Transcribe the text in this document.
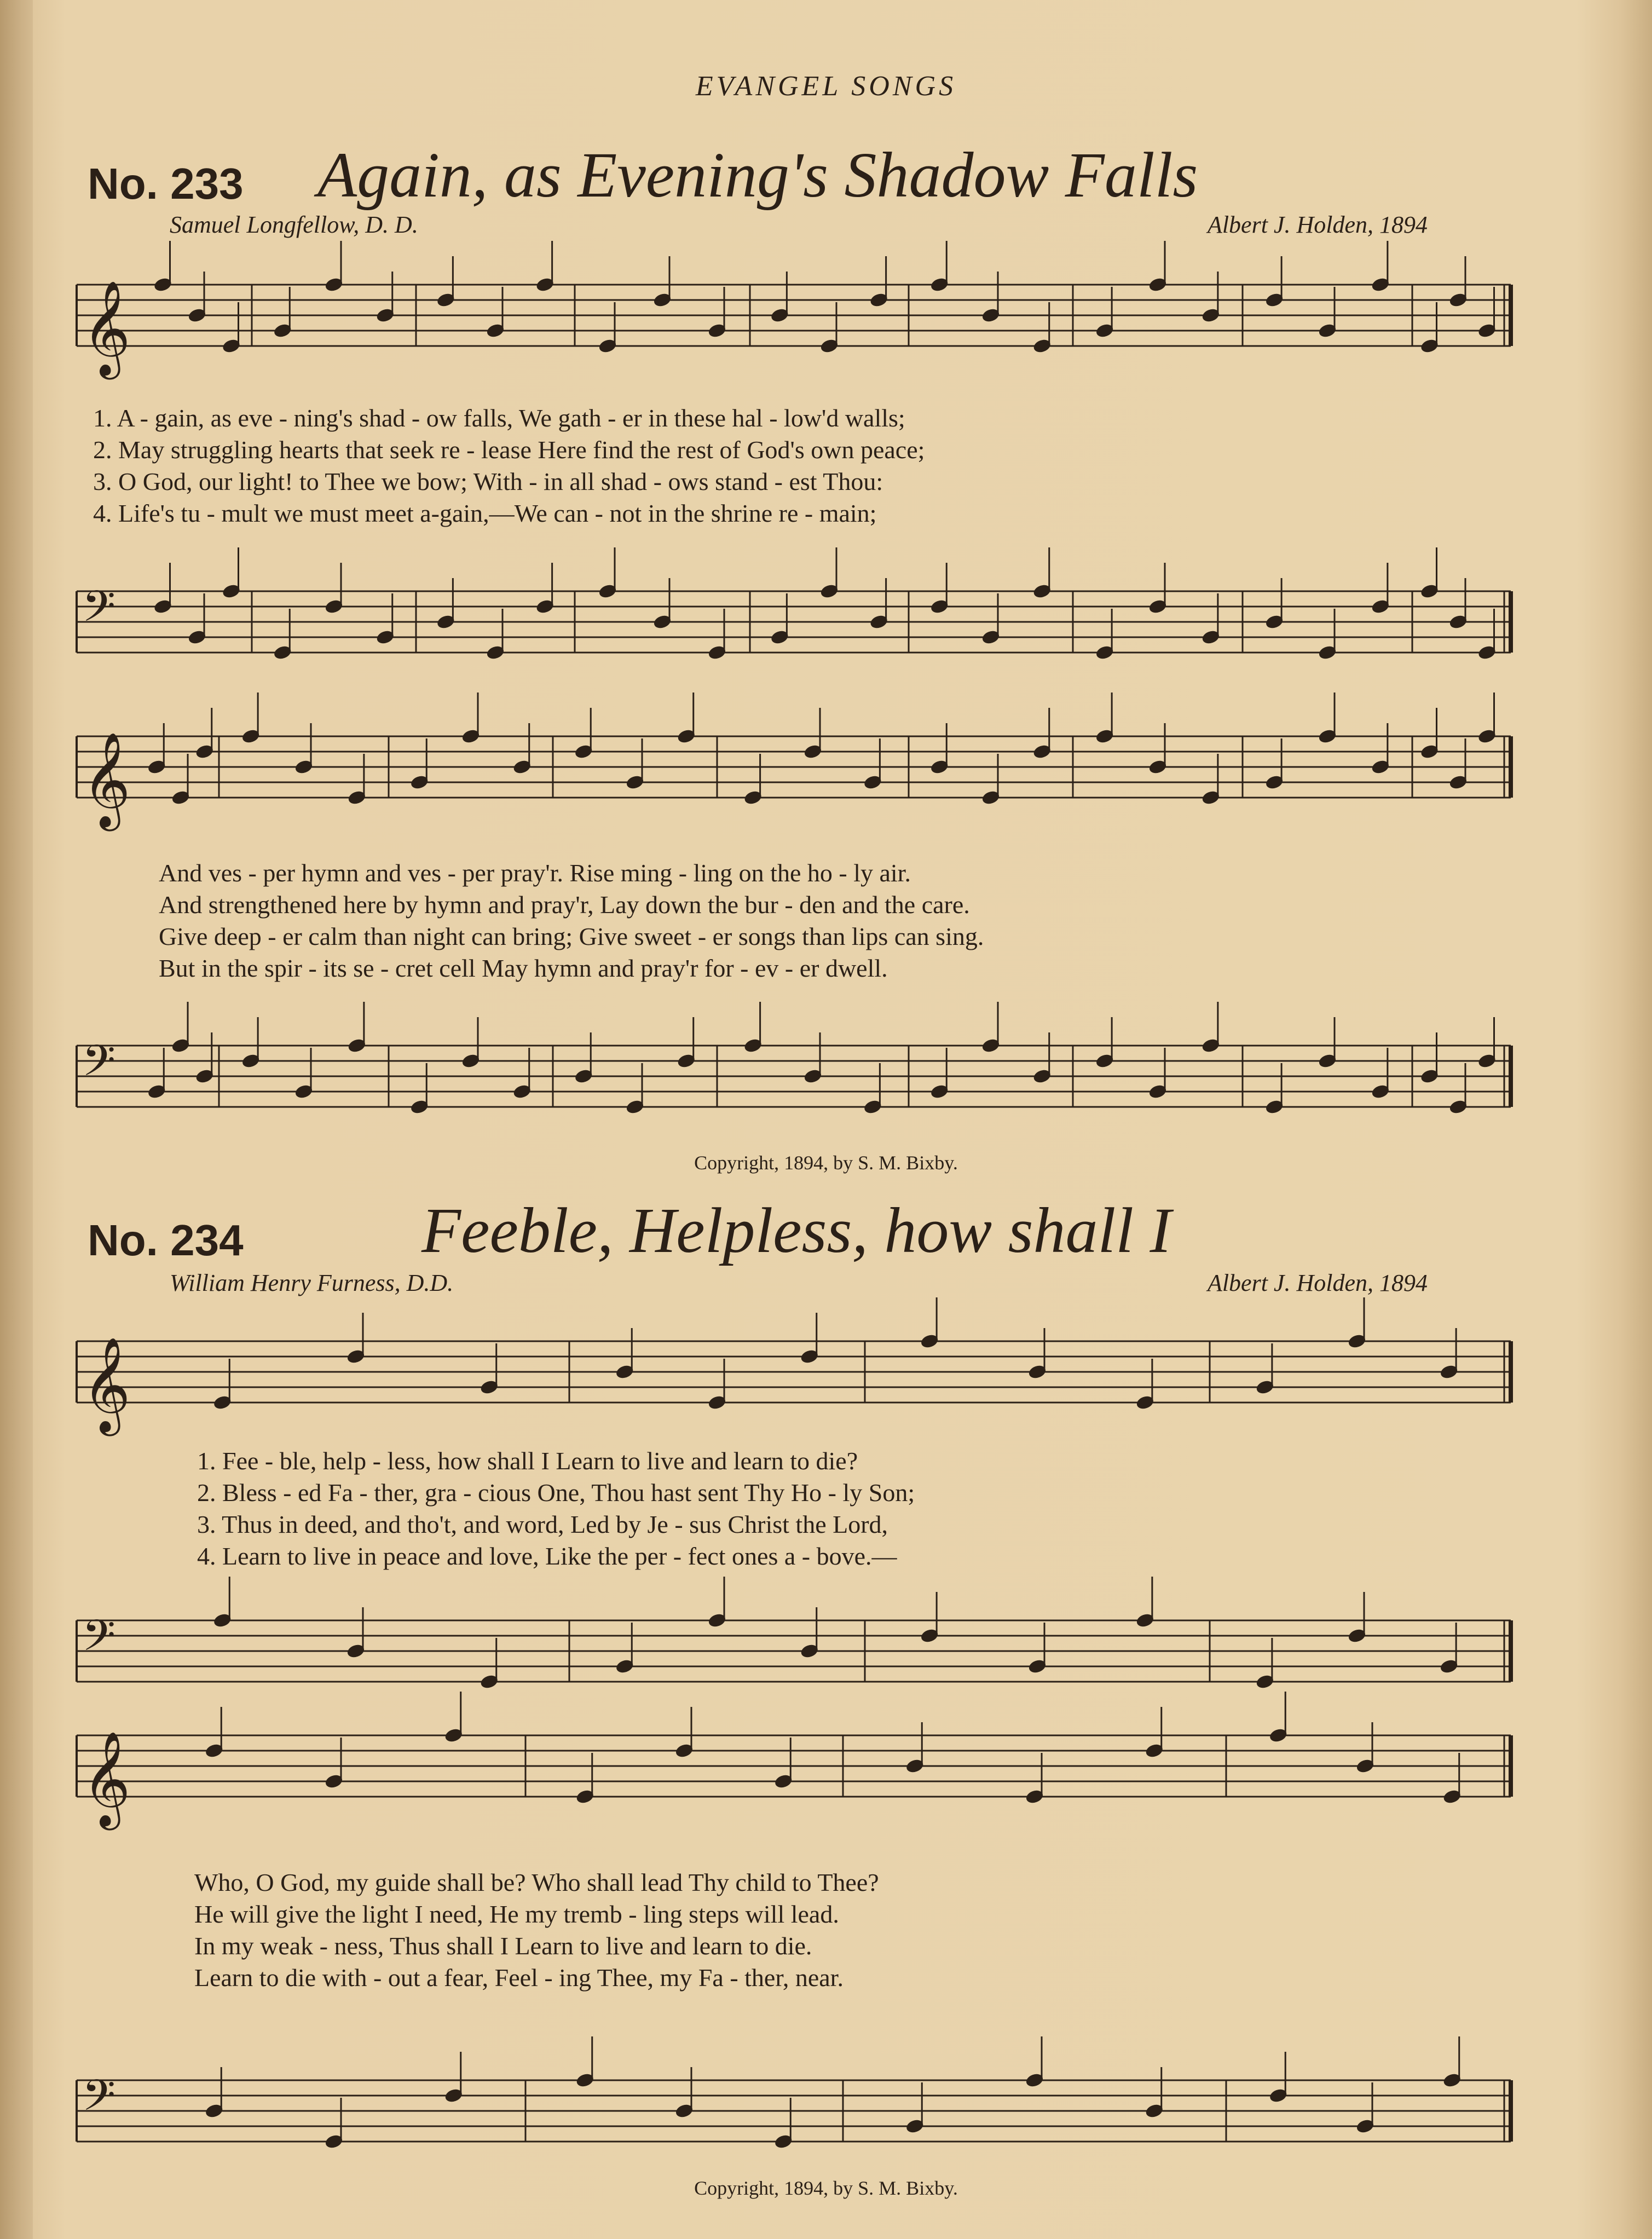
EVANGEL SONGS
No. 233 Again, as Evening's Shadow Falls
Samuel Longfellow, D. D.	Albert J. Holden, 1894
1. A - gain, as eve - ning's shad - ow falls, We gath - er in these hal - low'd walls;
2. May struggling hearts that seek re - lease Here find the rest of God's own peace;
3. O God, our light! to Thee we bow; With - in all shad - ows stand - est Thou:
4. Life's tu - mult we must meet a-gain,—We can - not in the shrine re - main;
And ves - per hymn and ves - per pray'r. Rise ming - ling on the ho - ly air.
And strengthened here by hymn and pray'r, Lay down the bur - den and the care.
Give deep - er calm than night can bring; Give sweet - er songs than lips can sing.
But in the spir - its se - cret cell May hymn and pray'r for - ev - er dwell.
Copyright, 1894, by S. M. Bixby.
No. 234	Feeble, Helpless, how shall I
William Henry Furness, D.D.	Albert J. Holden, 1894
1. Fee - ble, help - less, how shall I Learn to live and learn to die?
2. Bless - ed Fa - ther, gra - cious One, Thou hast sent Thy Ho - ly Son;
3. Thus in deed, and tho't, and word, Led by Je - sus Christ the Lord,
4. Learn to live in peace and love, Like the per - fect ones a - bove.—
Who, O God, my guide shall be? Who shall lead Thy child to Thee?
He will give the light I need, He my tremb - ling steps will lead.
In my weak - ness, Thus shall I Learn to live and learn to die.
Learn to die with - out a fear, Feel - ing Thee, my Fa - ther, near.
Copyright, 1894, by S. M. Bixby.
𝄞
𝄢
𝄞
𝄢
𝄞
𝄢
𝄞
𝄢
